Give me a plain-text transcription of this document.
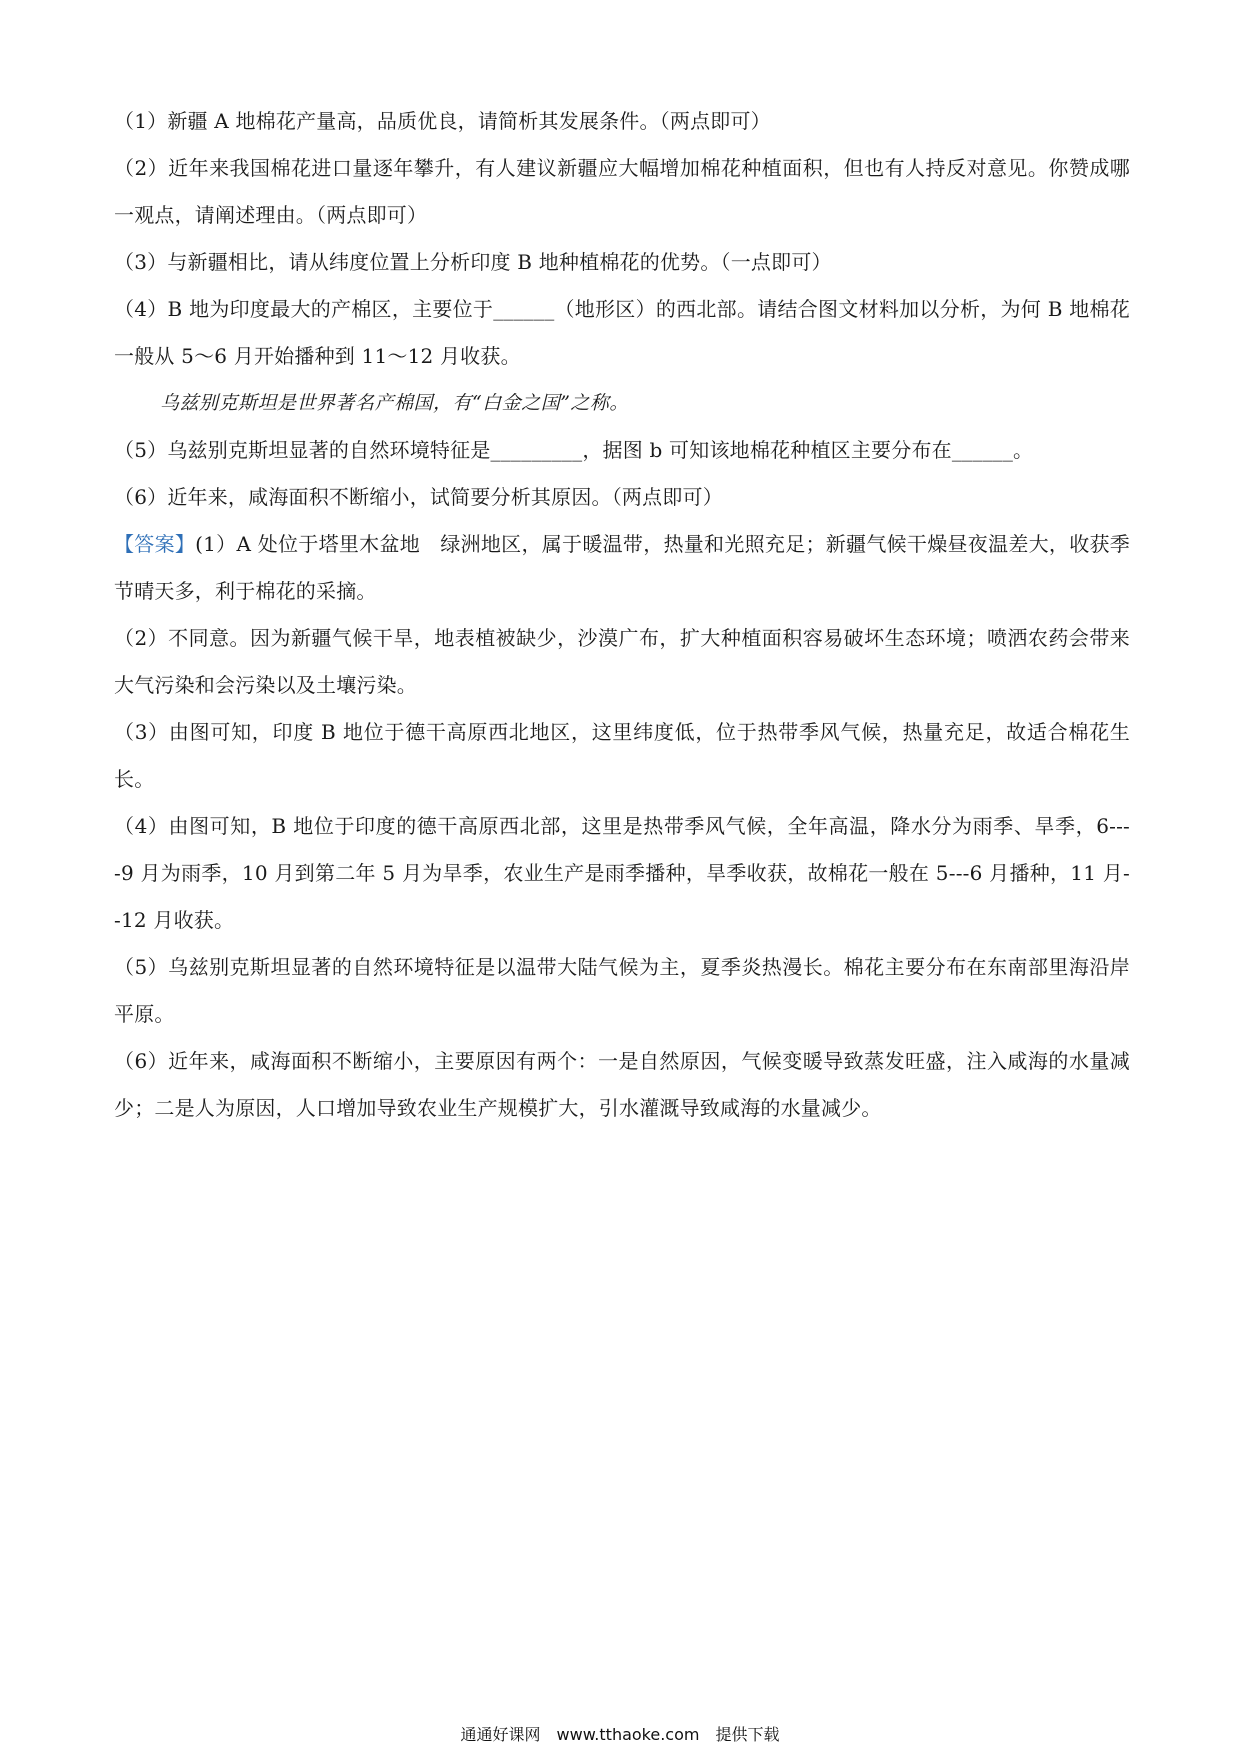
（1）新疆 A 地棉花产量高，品质优良，请简析其发展条件。（两点即可）

（2）近年来我国棉花进口量逐年攀升，有人建议新疆应大幅增加棉花种植面积，但也有人持反对意见。你赞成哪一观点，请阐述理由。（两点即可）

（3）与新疆相比，请从纬度位置上分析印度 B 地种植棉花的优势。（一点即可）

（4）B 地为印度最大的产棉区，主要位于______（地形区）的西北部。请结合图文材料加以分析，为何 B 地棉花一般从 5～6 月开始播种到 11～12 月收获。

乌兹别克斯坦是世界著名产棉国，有“白金之国”之称。

（5）乌兹别克斯坦显著的自然环境特征是_________，据图 b 可知该地棉花种植区主要分布在______。

（6）近年来，咸海面积不断缩小，试简要分析其原因。（两点即可）

【答案】(1）A 处位于塔里木盆地　绿洲地区，属于暖温带，热量和光照充足；新疆气候干燥昼夜温差大，收获季节晴天多，利于棉花的采摘。

（2）不同意。因为新疆气候干旱，地表植被缺少，沙漠广布，扩大种植面积容易破坏生态环境；喷洒农药会带来大气污染和会污染以及土壤污染。

（3）由图可知，印度 B 地位于德干高原西北地区，这里纬度低，位于热带季风气候，热量充足，故适合棉花生长。

（4）由图可知，B 地位于印度的德干高原西北部，这里是热带季风气候，全年高温，降水分为雨季、旱季，6----9 月为雨季，10 月到第二年 5 月为旱季，农业生产是雨季播种，旱季收获，故棉花一般在 5---6 月播种，11 月--12 月收获。

（5）乌兹别克斯坦显著的自然环境特征是以温带大陆气候为主，夏季炎热漫长。棉花主要分布在东南部里海沿岸平原。

（6）近年来，咸海面积不断缩小，主要原因有两个：一是自然原因，气候变暖导致蒸发旺盛，注入咸海的水量减少；二是人为原因，人口增加导致农业生产规模扩大，引水灌溉导致咸海的水量减少。

通通好课网　www.tthaoke.com　提供下载
